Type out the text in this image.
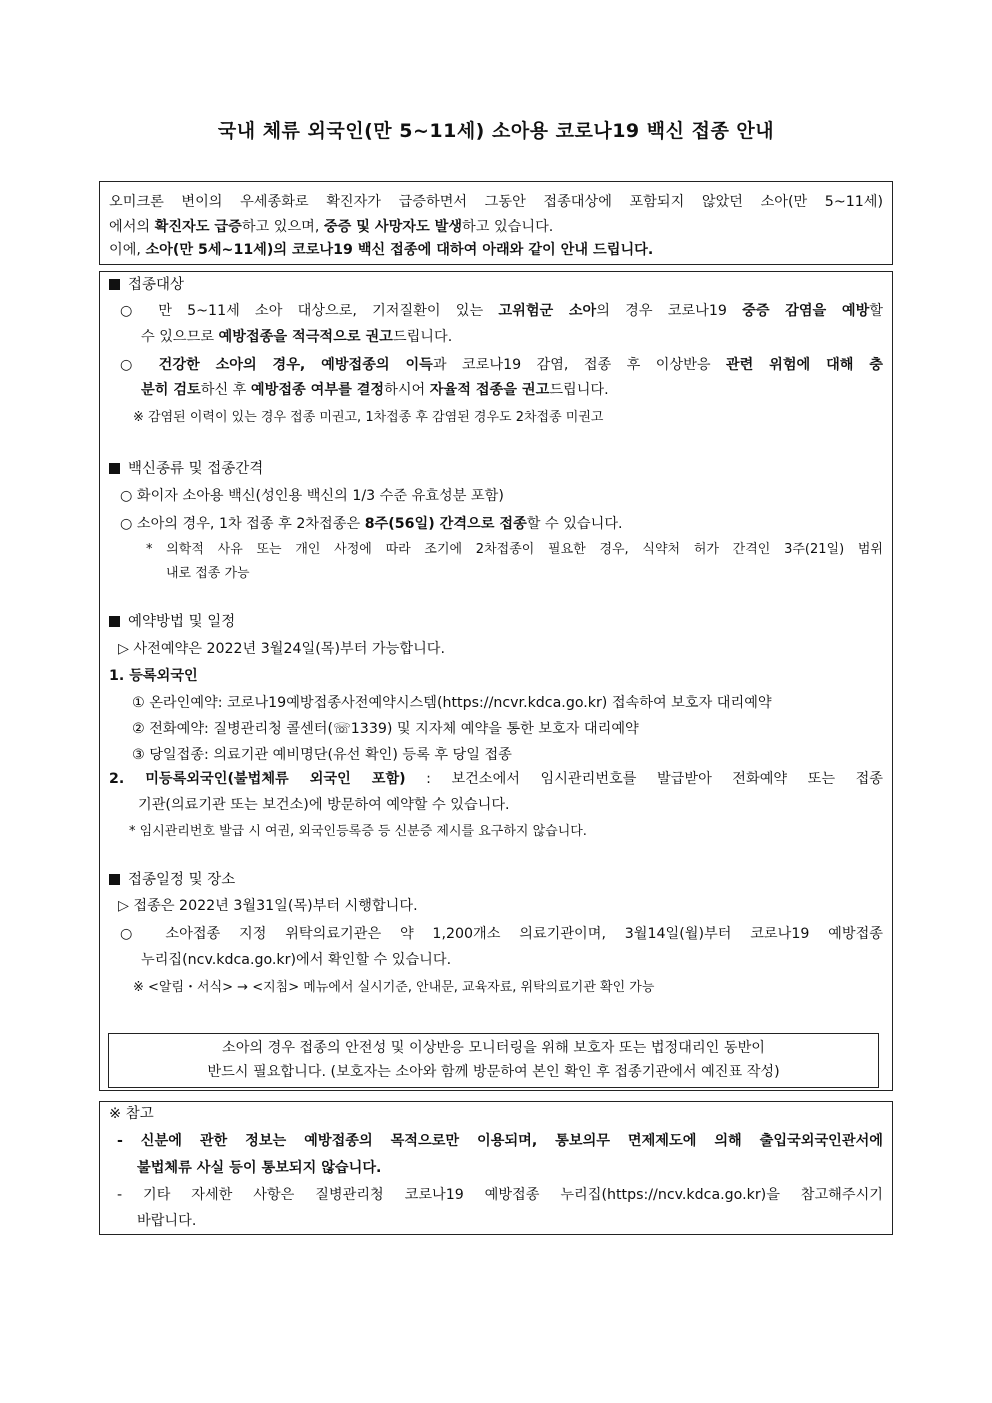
국내 체류 외국인(만 5~11세) 소아용 코로나19 백신 접종 안내
오미크론 변이의 우세종화로 확진자가 급증하면서 그동안 접종대상에 포함되지 않았던 소아(만 5~11세)
에서의 확진자도 급증하고 있으며, 중증 및 사망자도 발생하고 있습니다.
이에, 소아(만 5세~11세)의 코로나19 백신 접종에 대하여 아래와 같이 안내 드립니다.
접종대상
○ 만 5~11세 소아 대상으로, 기저질환이 있는 고위험군 소아의 경우 코로나19 중증 감염을 예방할
수 있으므로 예방접종을 적극적으로 권고드립니다.
○ 건강한 소아의 경우, 예방접종의 이득과 코로나19 감염, 접종 후 이상반응 관련 위험에 대해 충
분히 검토하신 후 예방접종 여부를 결정하시어 자율적 접종을 권고드립니다.
※ 감염된 이력이 있는 경우 접종 미권고, 1차접종 후 감염된 경우도 2차접종 미권고
백신종류 및 접종간격
○ 화이자 소아용 백신(성인용 백신의 1/3 수준 유효성분 포함)
○ 소아의 경우, 1차 접종 후 2차접종은 8주(56일) 간격으로 접종할 수 있습니다.
* 의학적 사유 또는 개인 사정에 따라 조기에 2차접종이 필요한 경우, 식약처 허가 간격인 3주(21일) 범위
내로 접종 가능
예약방법 및 일정
▷ 사전예약은 2022년 3월24일(목)부터 가능합니다.
1. 등록외국인
① 온라인예약: 코로나19예방접종사전예약시스템(https://ncvr.kdca.go.kr) 접속하여 보호자 대리예약
② 전화예약: 질병관리청 콜센터(☏1339) 및 지자체 예약을 통한 보호자 대리예약
③ 당일접종: 의료기관 예비명단(유선 확인) 등록 후 당일 접종
2. 미등록외국인(불법체류 외국인 포함) : 보건소에서 임시관리번호를 발급받아 전화예약 또는 접종
기관(의료기관 또는 보건소)에 방문하여 예약할 수 있습니다.
* 임시관리번호 발급 시 여권, 외국인등록증 등 신분증 제시를 요구하지 않습니다.
접종일정 및 장소
▷ 접종은 2022년 3월31일(목)부터 시행합니다.
○ 소아접종 지정 위탁의료기관은 약 1,200개소 의료기관이며, 3월14일(월)부터 코로나19 예방접종
누리집(ncv.kdca.go.kr)에서 확인할 수 있습니다.
※ <알림・서식> → <지침> 메뉴에서 실시기준, 안내문, 교육자료, 위탁의료기관 확인 가능
소아의 경우 접종의 안전성 및 이상반응 모니터링을 위해 보호자 또는 법정대리인 동반이
반드시 필요합니다. (보호자는 소아와 함께 방문하여 본인 확인 후 접종기관에서 예진표 작성)
※ 참고
- 신분에 관한 정보는 예방접종의 목적으로만 이용되며, 통보의무 면제제도에 의해 출입국외국인관서에
불법체류 사실 등이 통보되지 않습니다.
- 기타 자세한 사항은 질병관리청 코로나19 예방접종 누리집(https://ncv.kdca.go.kr)을 참고해주시기
바랍니다.
